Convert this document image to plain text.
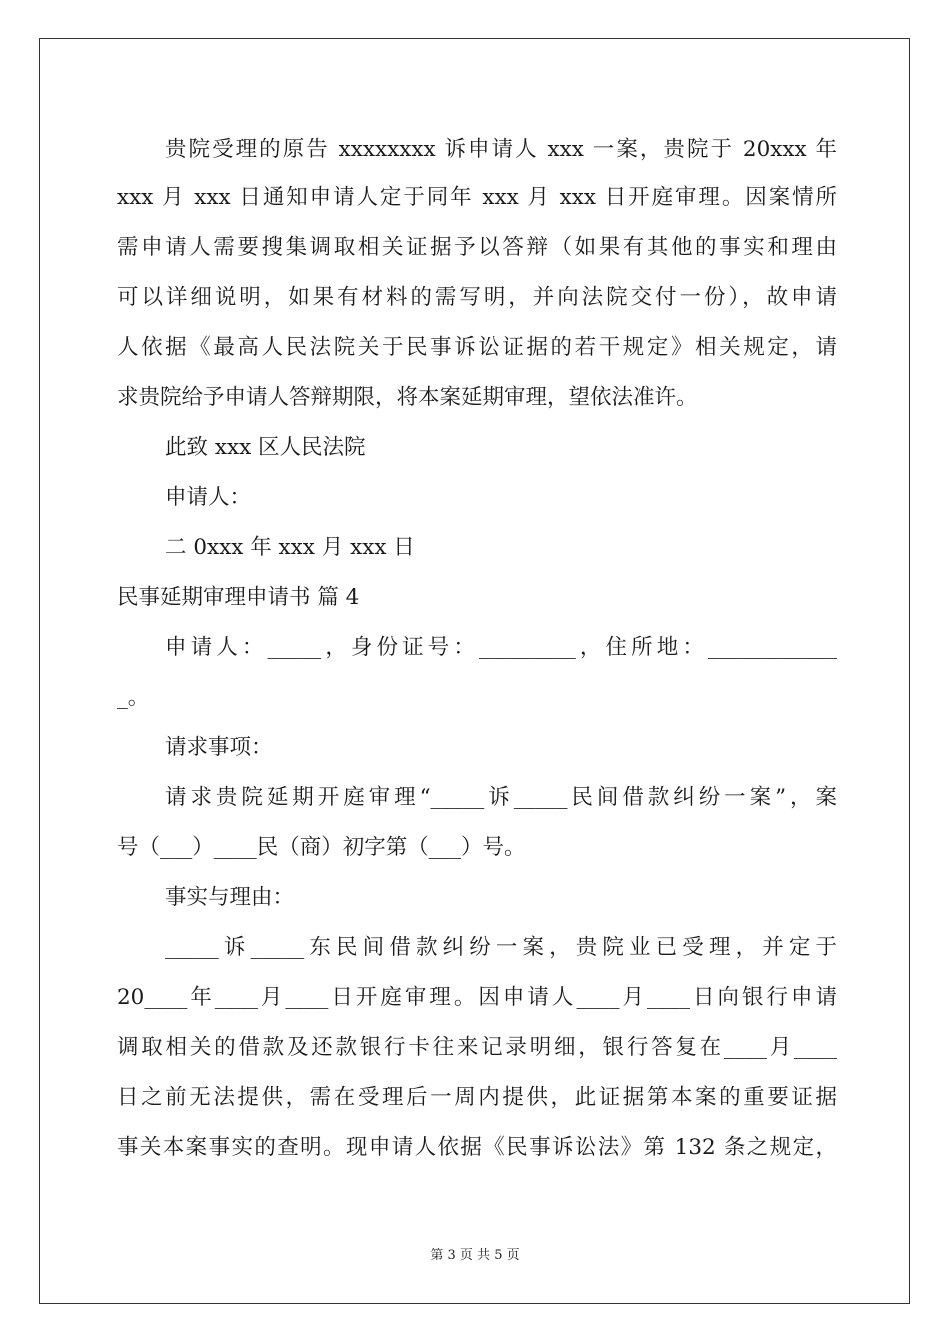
贵院受理的原告 xxxxxxxx 诉申请人 xxx 一案，贵院于 20xxx 年
xxx 月 xxx 日通知申请人定于同年 xxx 月 xxx 日开庭审理。因案情所
需申请人需要搜集调取相关证据予以答辩（如果有其他的事实和理由
可以详细说明，如果有材料的需写明，并向法院交付一份），故申请
人依据《最高人民法院关于民事诉讼证据的若干规定》相关规定，请
求贵院给予申请人答辩期限，将本案延期审理，望依法准许。
此致 xxx 区人民法院
申请人：
二 0xxx 年 xxx 月 xxx 日
民事延期审理申请书 篇 4
申请人：_____，身份证号：_________，住所地：____________
_。
请求事项：
请求贵院延期开庭审理“_____诉_____民间借款纠纷一案”，案
号（___）____民（商）初字第（___）号。
事实与理由：
_____诉_____东民间借款纠纷一案，贵院业已受理，并定于
20____年____月____日开庭审理。因申请人____月____日向银行申请
调取相关的借款及还款银行卡往来记录明细，银行答复在____月____
日之前无法提供，需在受理后一周内提供，此证据第本案的重要证据
事关本案事实的查明。现申请人依据《民事诉讼法》第 132 条之规定，
第 3 页 共 5 页
